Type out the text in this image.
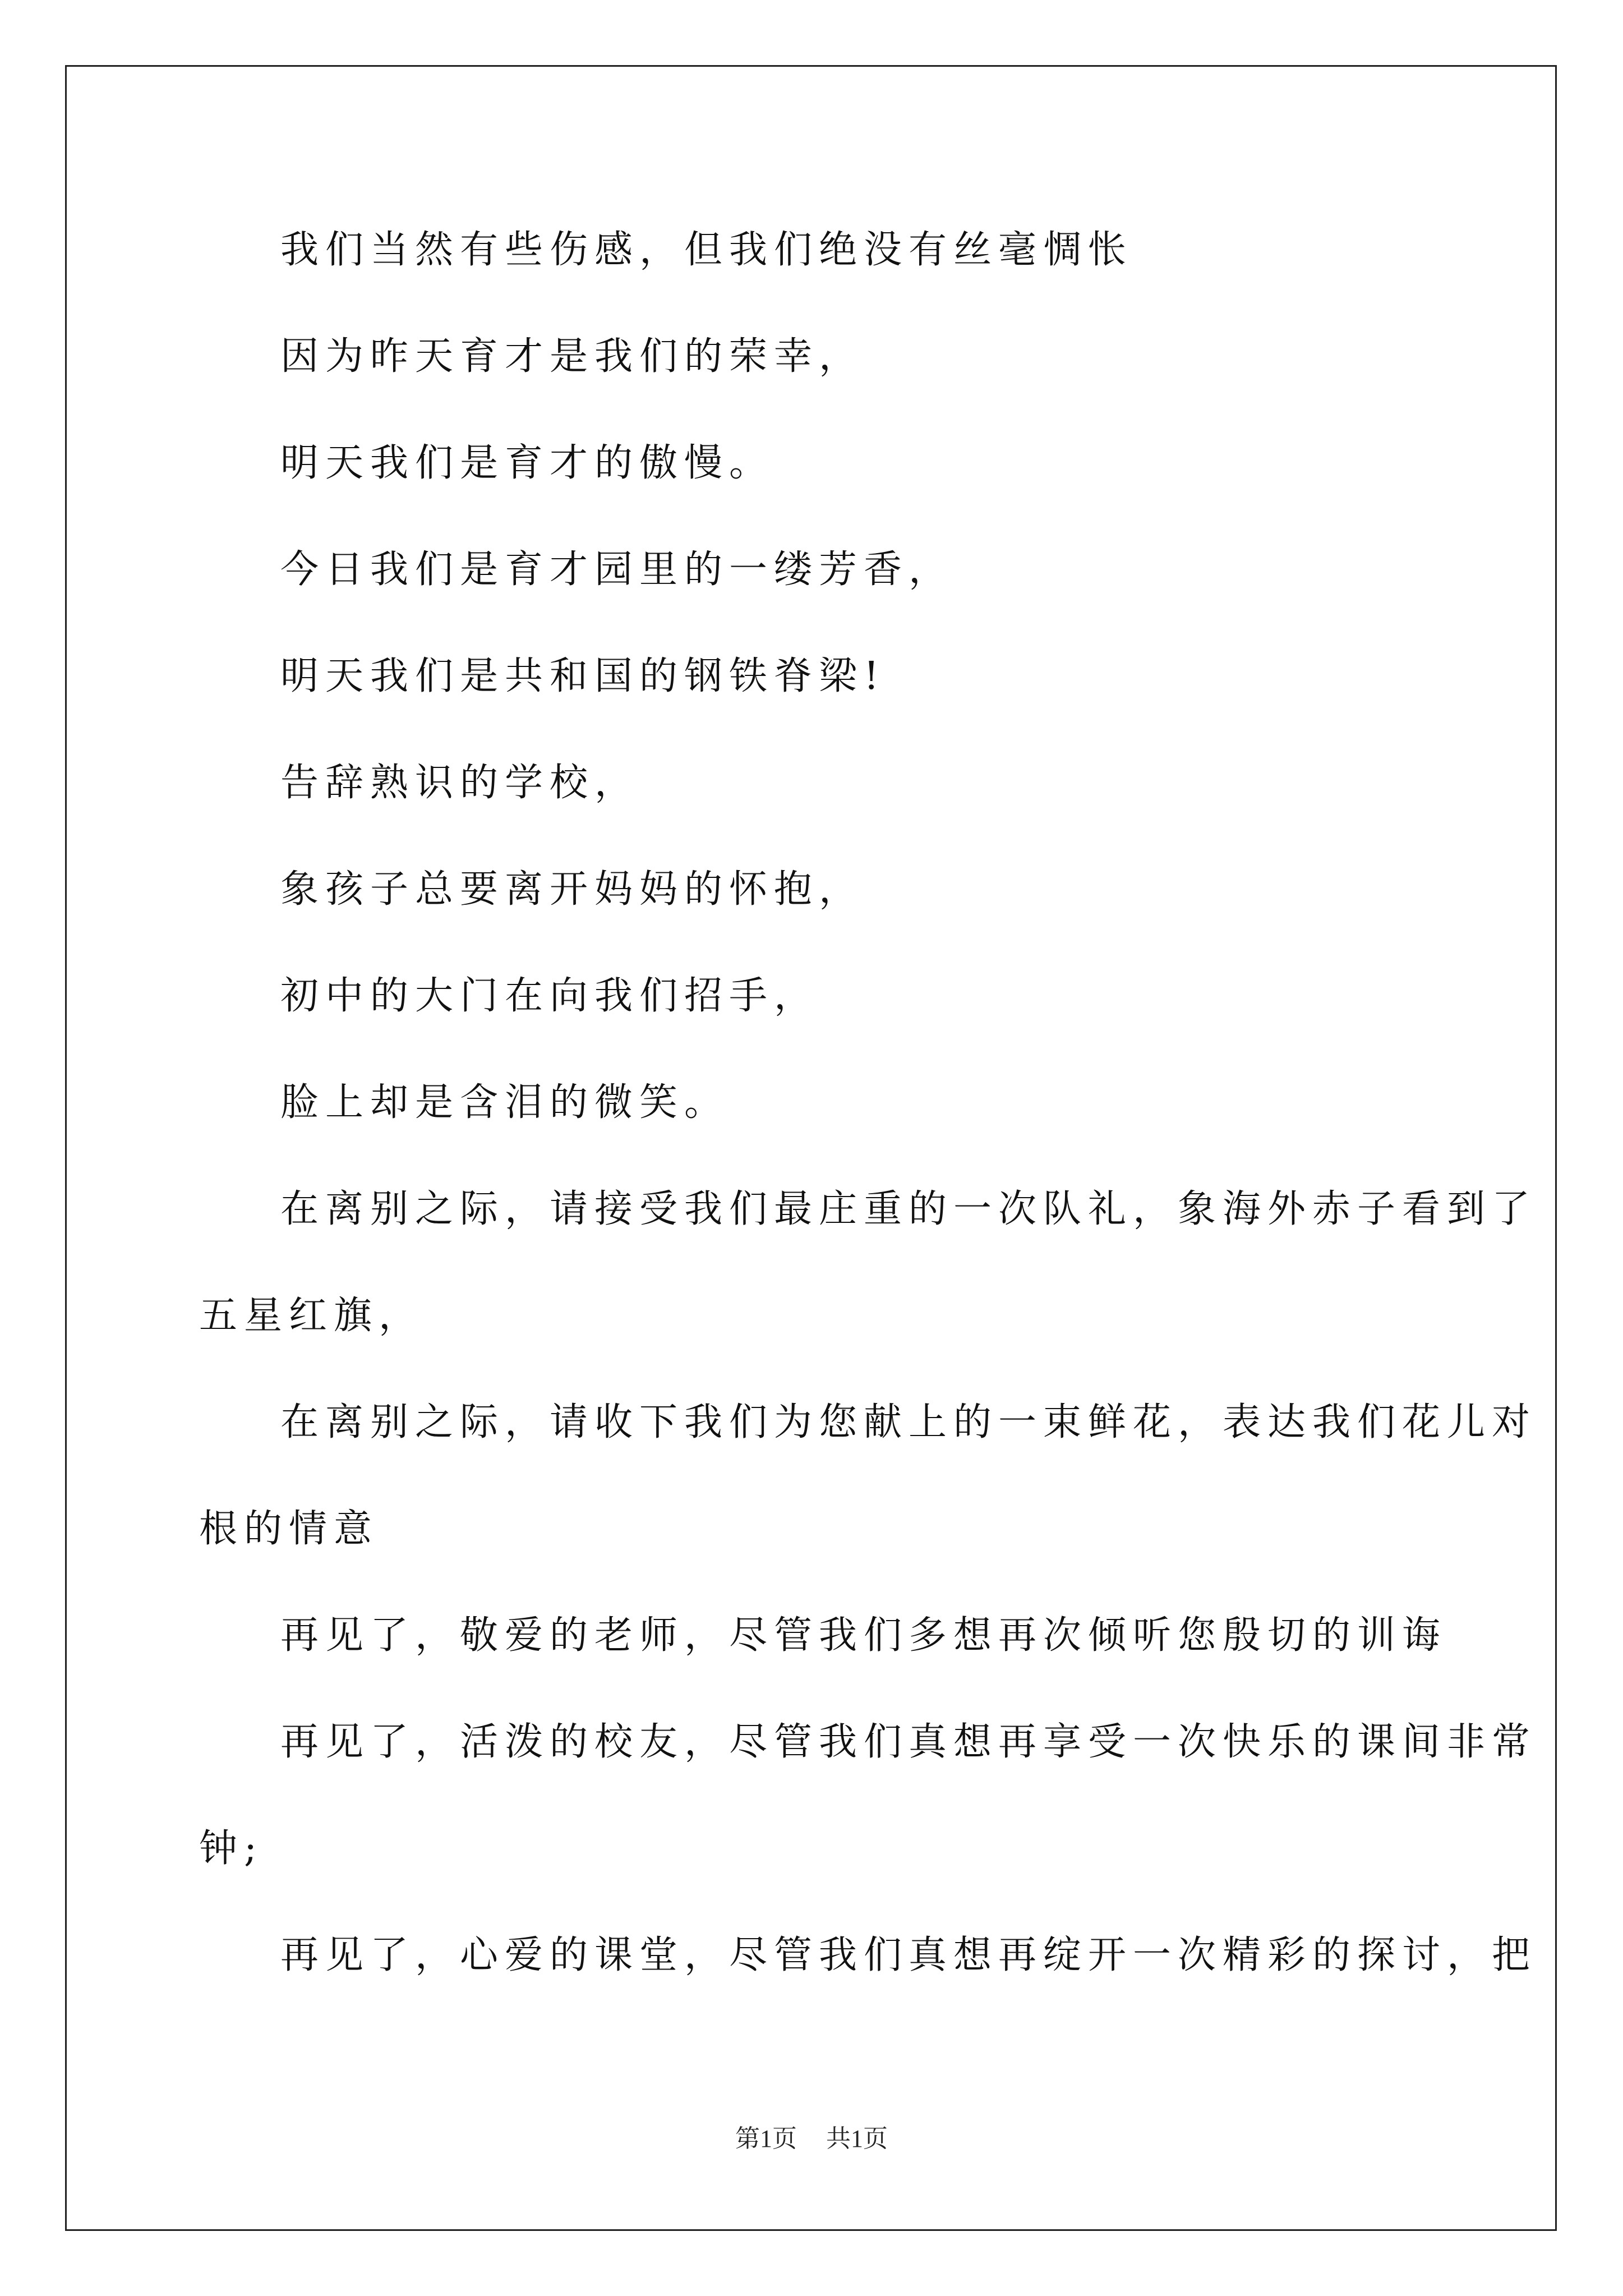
我们当然有些伤感，但我们绝没有丝毫惆怅
因为昨天育才是我们的荣幸，
明天我们是育才的傲慢。
今日我们是育才园里的一缕芳香，
明天我们是共和国的钢铁脊梁!
告辞熟识的学校，
象孩子总要离开妈妈的怀抱，
初中的大门在向我们招手，
脸上却是含泪的微笑。
在离别之际，请接受我们最庄重的一次队礼，象海外赤子看到了
五星红旗，
在离别之际，请收下我们为您献上的一束鲜花，表达我们花儿对
根的情意
再见了，敬爱的老师，尽管我们多想再次倾听您殷切的训诲
再见了，活泼的校友，尽管我们真想再享受一次快乐的课间非常
钟;
再见了，心爱的课堂，尽管我们真想再绽开一次精彩的探讨，把
第1页 共1页
